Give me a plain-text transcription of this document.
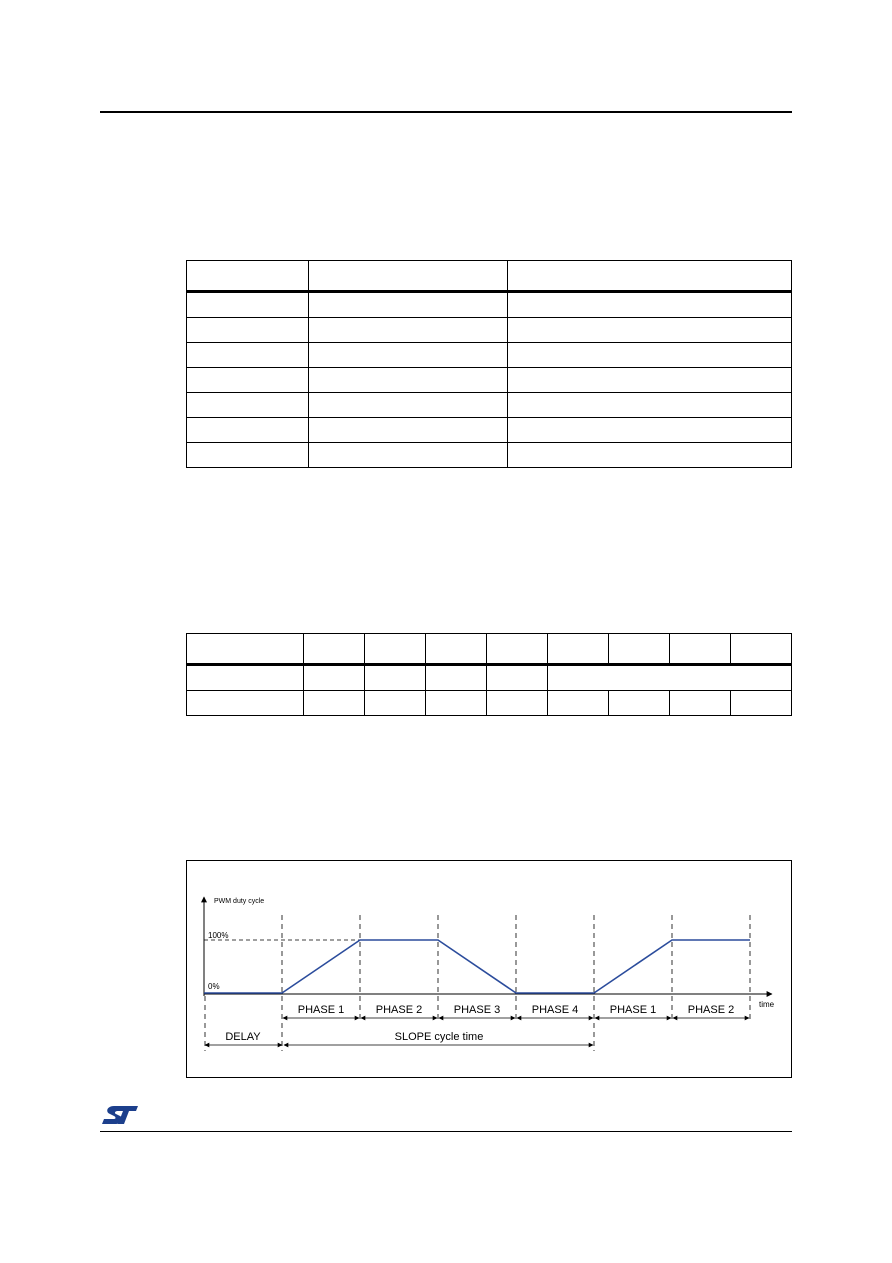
PWM duty cycle
100%
0%
time
PHASE 1	PHASE 2	PHASE 3	PHASE 4	PHASE 1	PHASE 2
DELAY	SLOPE cycle time
